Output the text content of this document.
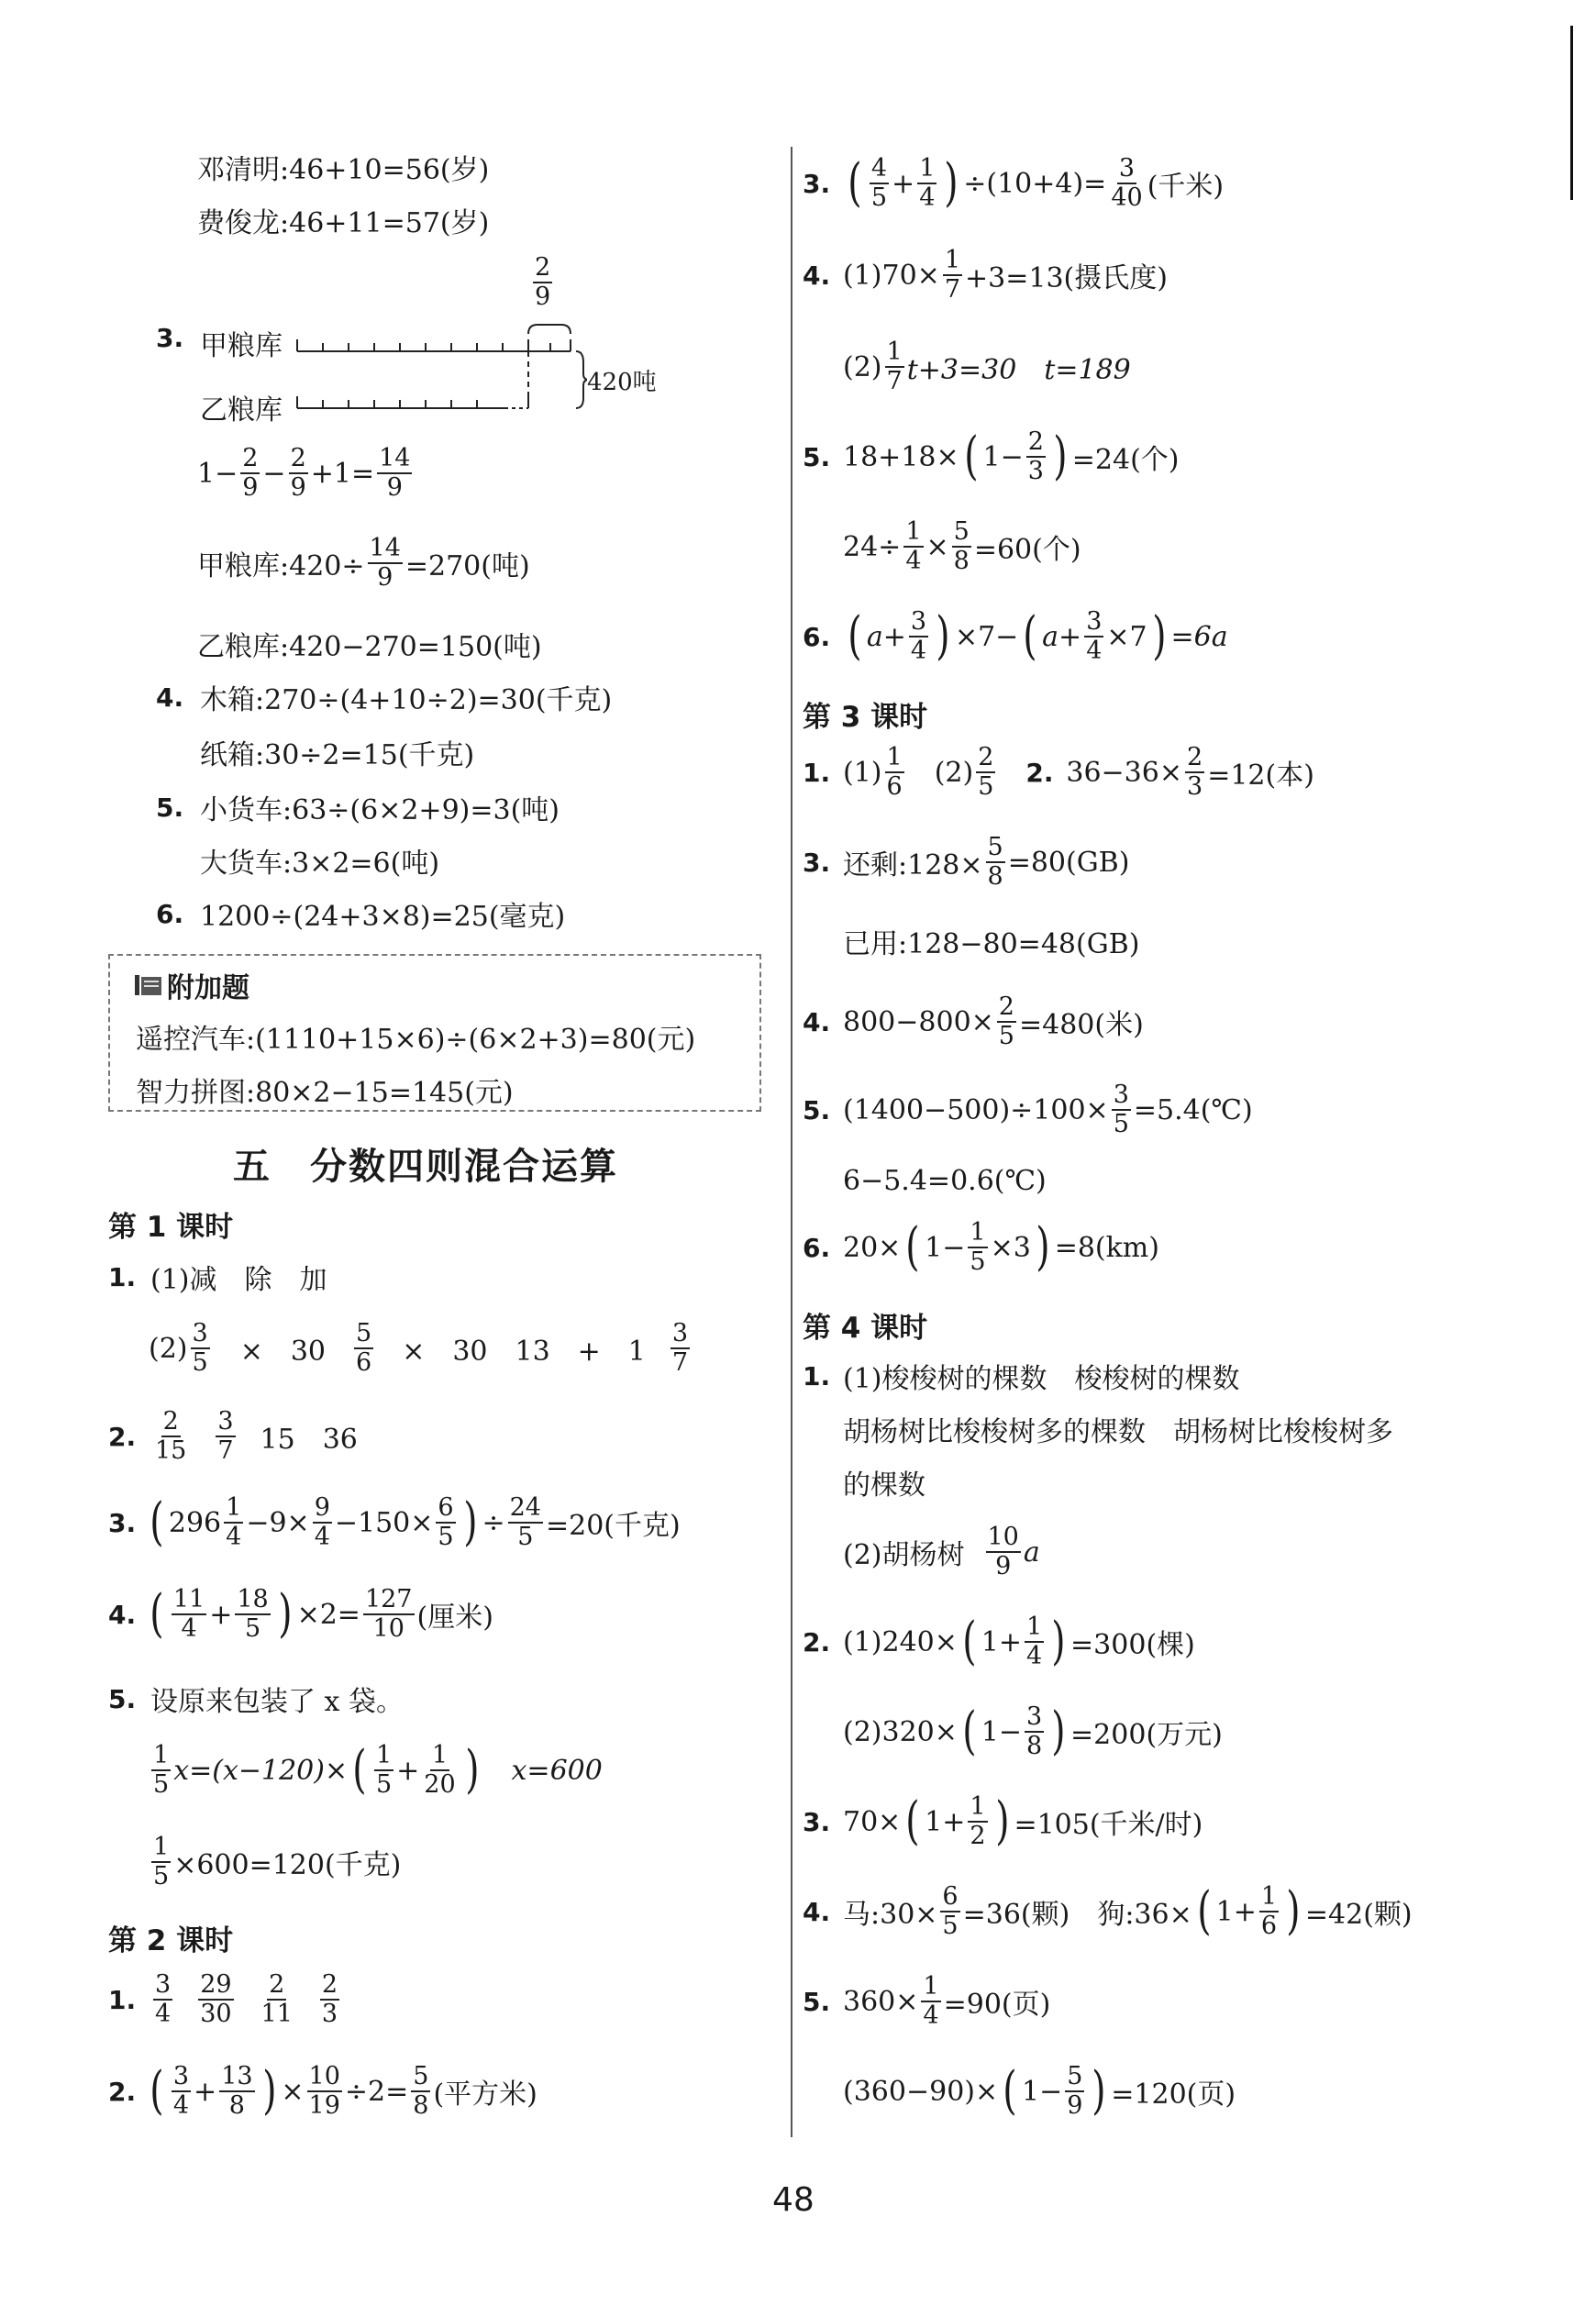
邓清明:46+10=56(岁)
费俊龙:46+11=57(岁)
$\frac{2}{9}$
3. 甲粮库
乙粮库
420吨
$1- \frac{2}{9} - \frac{2}{9} +1= \frac{14}{9}$
甲粮库:420÷ $\frac{14}{9} =270$(吨)
乙粮库:420−270=150(吨)
4. 木箱:270÷(4+10÷2)=30(千克)
纸箱:30÷2=15(千克)
5. 小货车:63÷(6×2+9)=3(吨)
大货车:3×2=6(吨)
6. 1200÷(24+3×8)=25(毫克)
附加题
遥控汽车:(1110+15×6)÷(6×2+3)=80(元)
智力拼图:80×2−15=145(元)
五　分数四则混合运算
第 1 课时
1. (1)减　除　加
$(2) \frac{3}{5}$ ×　$30 \frac{5}{6}$ ×　30　13　+　$1 \frac{3}{7}$
2. $\frac{2}{15} \frac{3}{7} 15$　36
3. ( $296 \frac{1}{4} -9\times \frac{9}{4} -150\times \frac{6}{5}$ ) ÷ $\frac{24}{5} =20$(千克)
4. ( $\frac{11}{4} + \frac{18}{5}$ ) $\times 2= \frac{127}{10}$ (厘米)
5. 设原来包装了 x 袋。
$\frac{1}{5} x=(x-120)\times$ ( $\frac{1}{5} + \frac{1}{20}$ ) x=600
$\frac{1}{5} \times 600=120$(千克)
第 2 课时
1. $\frac{3}{4} \frac{29}{30} \frac{2}{11} \frac{2}{3}$
2. ( $\frac{3}{4} + \frac{13}{8}$ ) × $\frac{10}{19} \div 2= \frac{5}{8}$ (平方米)
3. ( $\frac{4}{5} + \frac{1}{4}$ ) $\div(10+4)= \frac{3}{40}$ (千米)
4. $(1)70\times \frac{1}{7} +3=13$(摄氏度)
$(2) \frac{1}{7} t+3=30$　t=189
5. 18+18× ( $1- \frac{2}{3}$ ) =24(个)
$24\div \frac{1}{4} \times \frac{5}{8} =60$(个)
6. ( $a+ \frac{3}{4}$ ) ×7− ( $a+ \frac{3}{4} \times 7$ ) =6a
第 3 课时
1. $(1) \frac{1}{6} (2) \frac{2}{5} 2$. $36-36\times \frac{2}{3} =12$(本)
3. 还剩:128× $\frac{5}{8} =80(GB)$
已用:128−80=48(GB)
4. $800-800\times \frac{2}{5} =480$(米)
5. $(1400-500)\div 100\times \frac{3}{5}$ =5.4(℃)
6−5.4=0.6(℃)
6. 20× ( $1- \frac{1}{5} \times 3$ ) =8(km)
第 4 课时
1. (1)梭梭树的棵数　梭梭树的棵数
胡杨树比梭梭树多的棵数　胡杨树比梭梭树多
的棵数
(2)胡杨树 $\frac{10}{9}$ a
2. (1)240× ( $1+ \frac{1}{4}$ ) =300(棵)
(2)320× ( $1- \frac{3}{8}$ ) =200(万元)
3. 70× ( $1+ \frac{1}{2}$ ) =105(千米/时)
4. 马:30× $\frac{6}{5} =36$(颗)　狗:36× ( $1+ \frac{1}{6}$ ) =42(颗)
5. $360\times \frac{1}{4} =90$(页)
(360−90)× ( $1- \frac{5}{9}$ ) =120(页)
48
